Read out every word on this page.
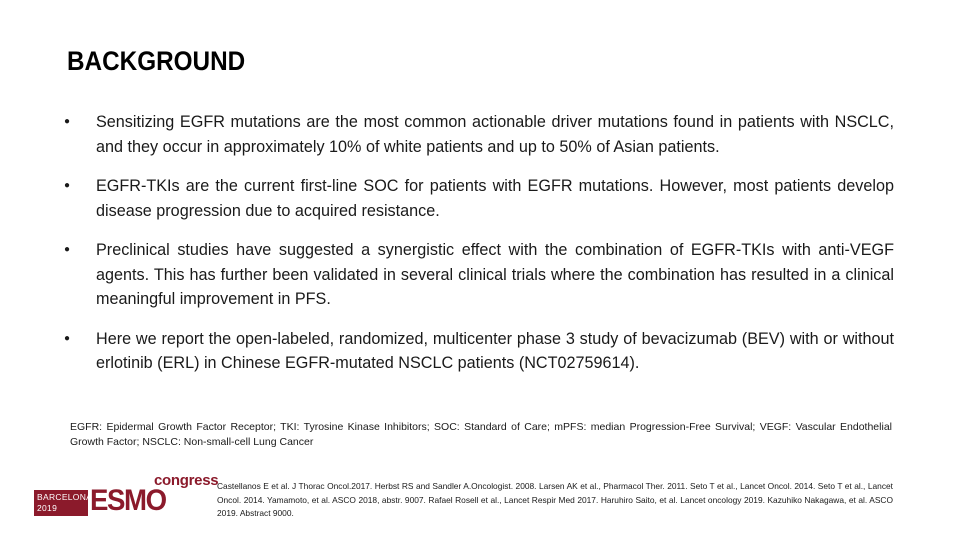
BACKGROUND
● Sensitizing EGFR mutations are the most common actionable driver mutations found in patients with NSCLC, and they occur in approximately 10% of white patients and up to 50% of Asian patients.
● EGFR-TKIs are the current first-line SOC for patients with EGFR mutations. However, most patients develop disease progression due to acquired resistance.
● Preclinical studies have suggested a synergistic effect with the combination of EGFR-TKIs with anti-VEGF agents. This has further been validated in several clinical trials where the combination has resulted in a clinical meaningful improvement in PFS.
● Here we report the open-labeled, randomized, multicenter phase 3 study of bevacizumab (BEV) with or without erlotinib (ERL) in Chinese EGFR-mutated NSCLC patients (NCT02759614).
EGFR: Epidermal Growth Factor Receptor; TKI: Tyrosine Kinase Inhibitors; SOC: Standard of Care; mPFS: median Progression-Free Survival; VEGF: Vascular Endothelial Growth Factor; NSCLC: Non-small-cell Lung Cancer
BARCELONA
2019	ESMO
congress
Castellanos E et al. J Thorac Oncol.2017. Herbst RS and Sandler A.Oncologist. 2008. Larsen AK et al., Pharmacol Ther. 2011. Seto T et al., Lancet Oncol. 2014. Seto T et al., Lancet Oncol. 2014. Yamamoto, et al. ASCO 2018, abstr. 9007. Rafael Rosell et al., Lancet Respir Med 2017. Haruhiro Saito, et al. Lancet oncology 2019. Kazuhiko Nakagawa, et al. ASCO 2019. Abstract 9000.
